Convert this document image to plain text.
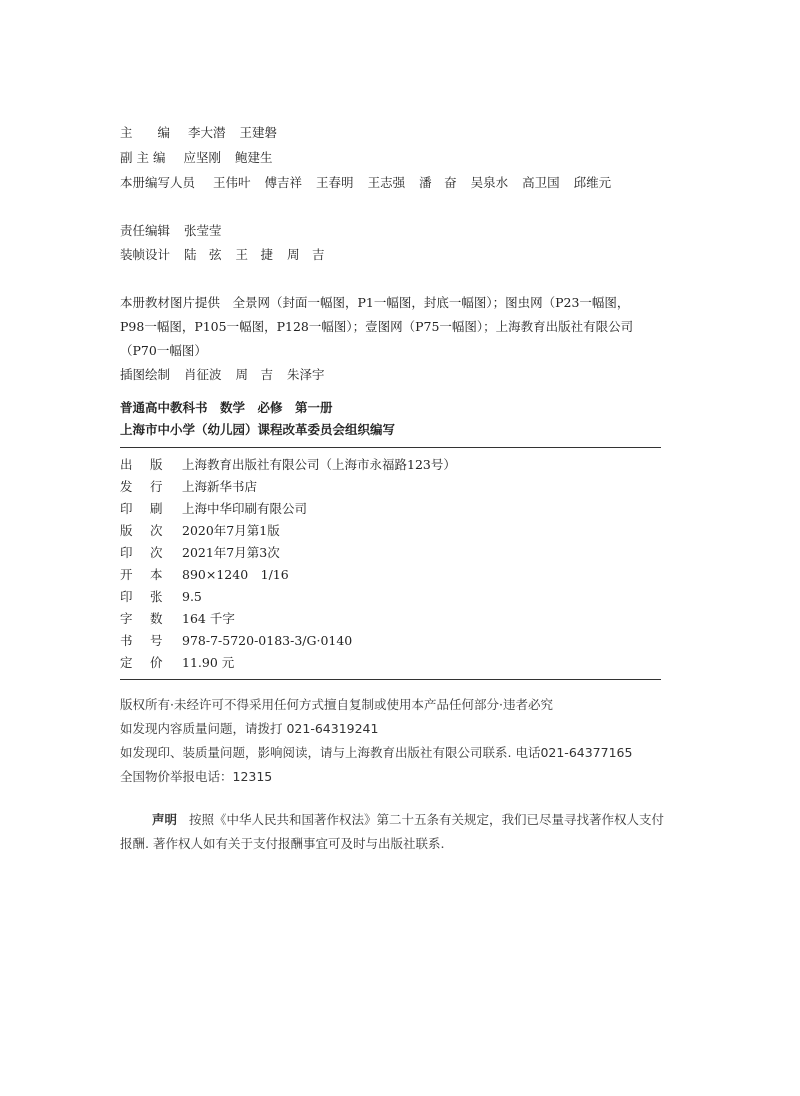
主　　编 李大潜 王建磐
副 主 编 应坚刚 鲍建生
本册编写人员 王伟叶 傅吉祥 王春明 王志强 潘　奋 吴泉水 高卫国 邱维元
责任编辑 张莹莹
装帧设计 陆　弦 王　捷 周　吉
本册教材图片提供　全景网（封面一幅图，P1一幅图，封底一幅图）；图虫网（P23一幅图，
P98一幅图，P105一幅图，P128一幅图）；壹图网（P75一幅图）；上海教育出版社有限公司
（P70一幅图）
插图绘制 肖征波 周　吉 朱泽宇
普通高中教科书　数学　必修　第一册
上海市中小学（幼儿园）课程改革委员会组织编写
出 版 上海教育出版社有限公司（上海市永福路123号）
发 行 上海新华书店
印 刷 上海中华印刷有限公司
版 次 2020年7月第1版
印 次 2021年7月第3次
开 本 890×1240　1/16
印 张 9.5
字 数 164 千字
书 号 978-7-5720-0183-3/G·0140
定 价 11.90 元
版权所有·未经许可不得采用任何方式擅自复制或使用本产品任何部分·违者必究
如发现内容质量问题，请拨打 021-64319241
如发现印、装质量问题，影响阅读，请与上海教育出版社有限公司联系. 电话021-64377165
全国物价举报电话：12315
声明 按照《中华人民共和国著作权法》第二十五条有关规定，我们已尽量寻找著作权人支付报酬. 著作权人如有关于支付报酬事宜可及时与出版社联系.
